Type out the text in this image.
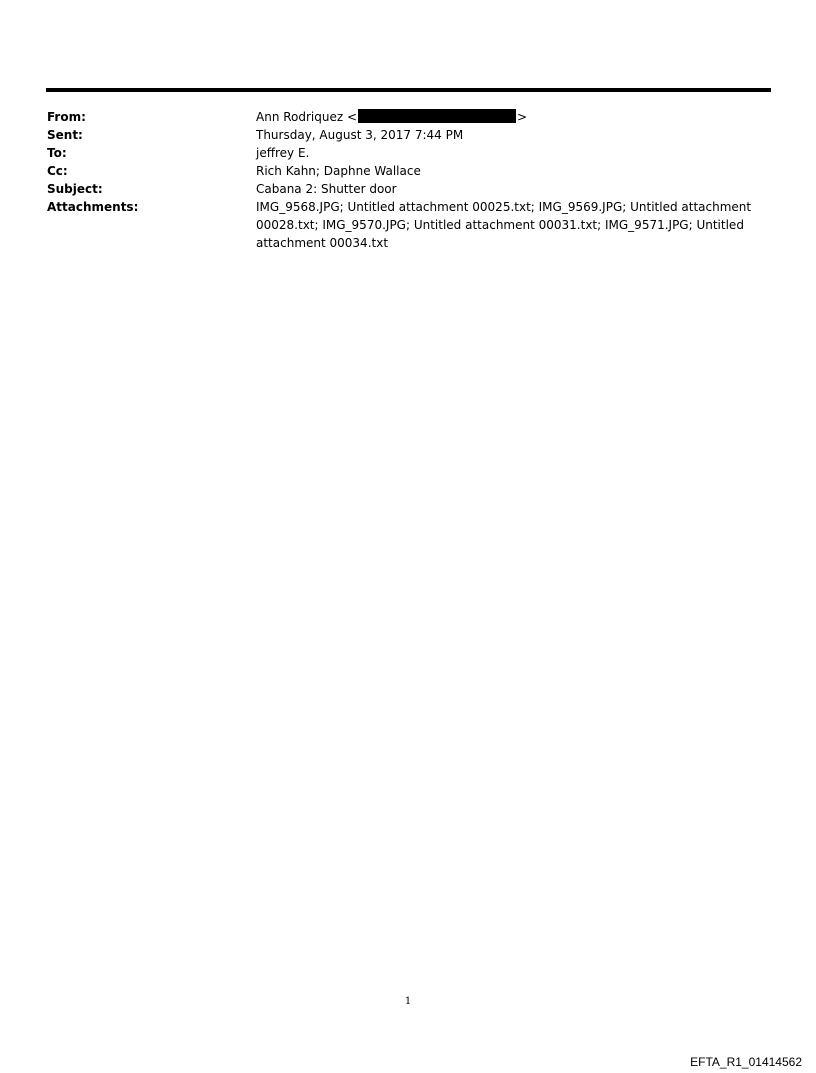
From:	Ann Rodriquez <	>
Sent:	Thursday, August 3, 2017 7:44 PM
To:	jeffrey E.
Cc:	Rich Kahn; Daphne Wallace
Subject:	Cabana 2: Shutter door
Attachments:	IMG_9568.JPG; Untitled attachment 00025.txt; IMG_9569.JPG; Untitled attachment 00028.txt; IMG_9570.JPG; Untitled attachment 00031.txt; IMG_9571.JPG; Untitled attachment 00034.txt
1
EFTA_R1_01414562
